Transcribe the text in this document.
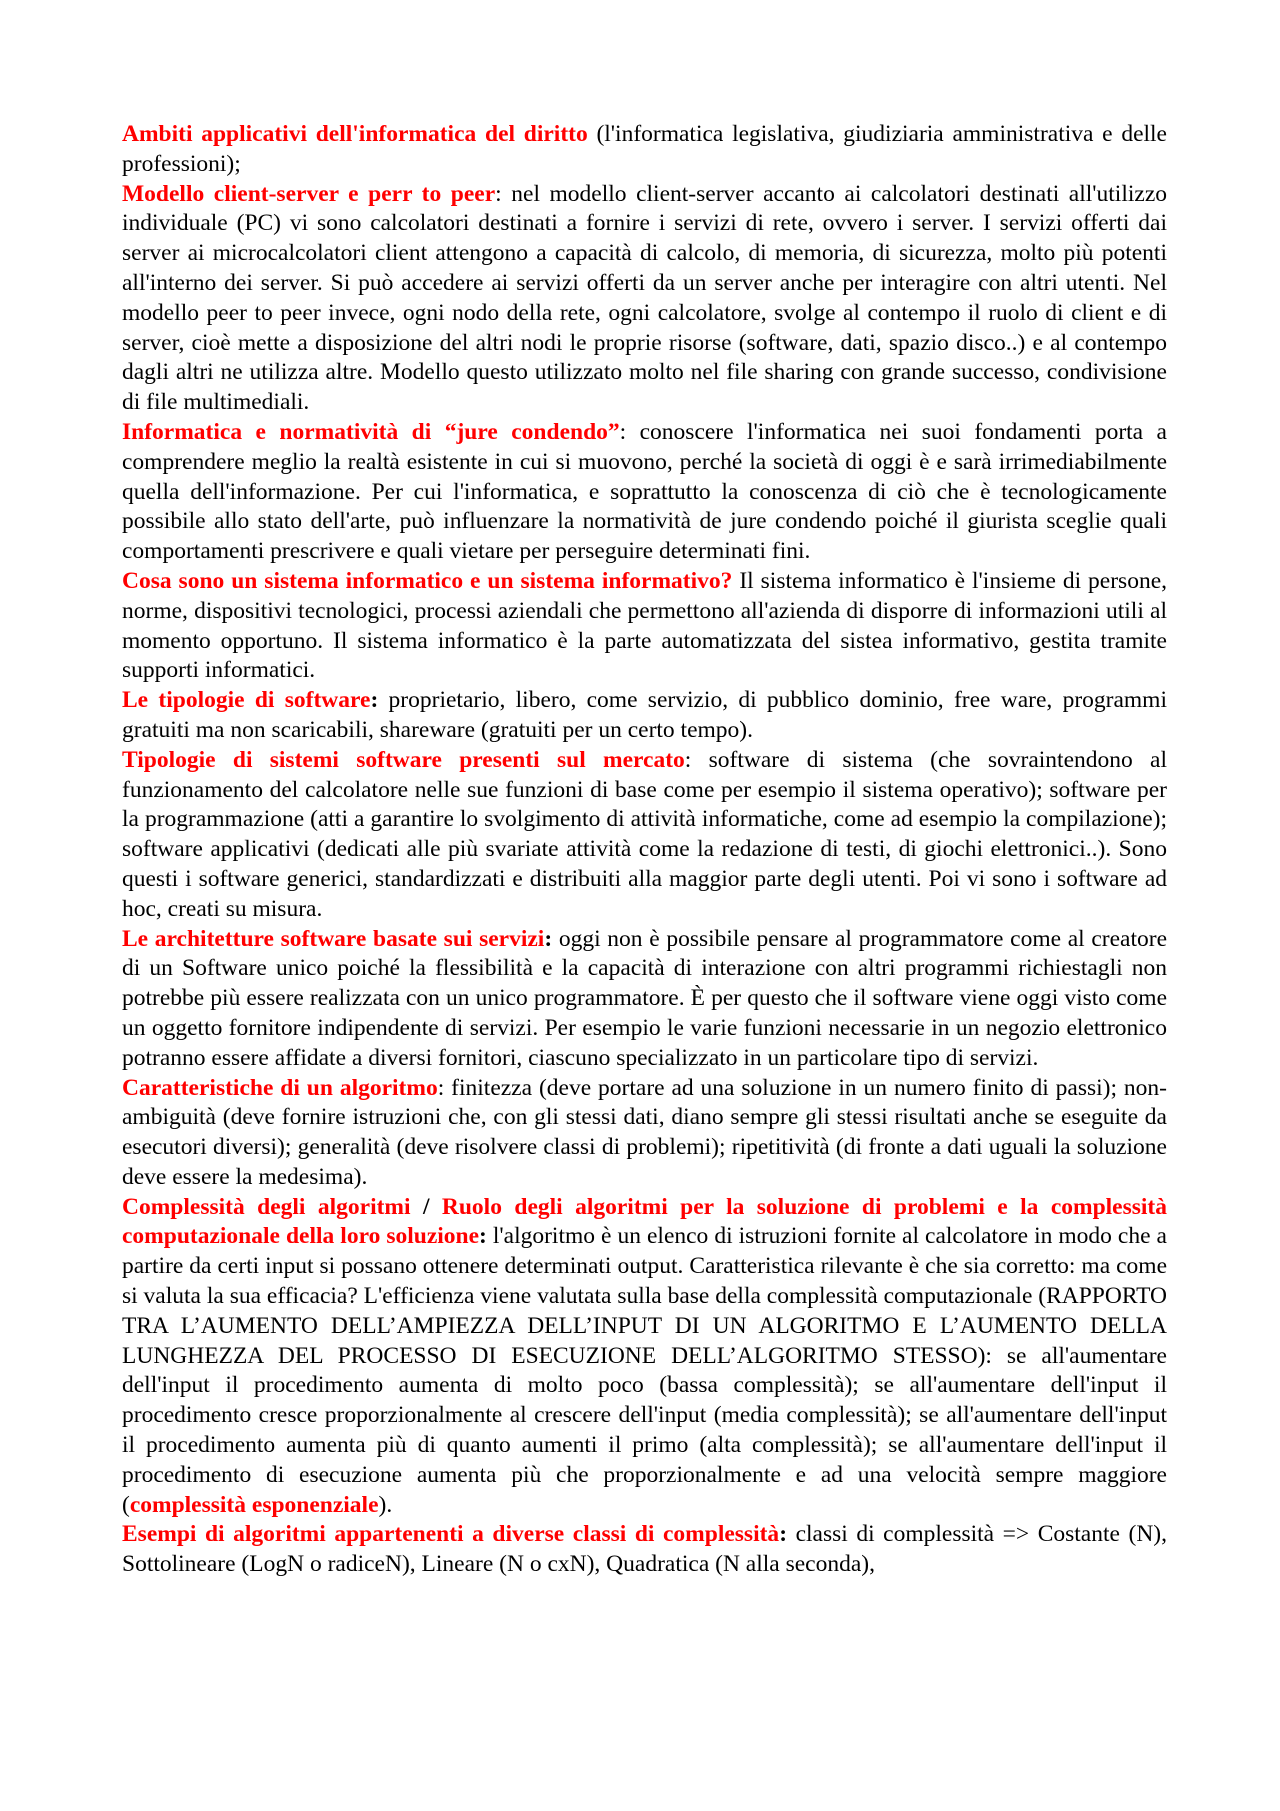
Ambiti applicativi dell'informatica del diritto (l'informatica legislativa, giudiziaria amministrativa e delle professioni);

Modello client-server e perr to peer: nel modello client-server accanto ai calcolatori destinati all'utilizzo individuale (PC) vi sono calcolatori destinati a fornire i servizi di rete, ovvero i server. I servizi offerti dai server ai microcalcolatori client attengono a capacità di calcolo, di memoria, di sicurezza, molto più potenti all'interno dei server. Si può accedere ai servizi offerti da un server anche per interagire con altri utenti. Nel modello peer to peer invece, ogni nodo della rete, ogni calcolatore, svolge al contempo il ruolo di client e di server, cioè mette a disposizione del altri nodi le proprie risorse (software, dati, spazio disco..) e al contempo dagli altri ne utilizza altre. Modello questo utilizzato molto nel file sharing con grande successo, condivisione di file multimediali.

Informatica e normatività di “jure condendo”: conoscere l'informatica nei suoi fondamenti porta a comprendere meglio la realtà esistente in cui si muovono, perché la società di oggi è e sarà irrimediabilmente quella dell'informazione. Per cui l'informatica, e soprattutto la conoscenza di ciò che è tecnologicamente possibile allo stato dell'arte, può influenzare la normatività de jure condendo poiché il giurista sceglie quali comportamenti prescrivere e quali vietare per perseguire determinati fini.

Cosa sono un sistema informatico e un sistema informativo? Il sistema informatico è l'insieme di persone, norme, dispositivi tecnologici, processi aziendali che permettono all'azienda di disporre di informazioni utili al momento opportuno. Il sistema informatico è la parte automatizzata del sistea informativo, gestita tramite supporti informatici.

Le tipologie di software: proprietario, libero, come servizio, di pubblico dominio, free ware, programmi gratuiti ma non scaricabili, shareware (gratuiti per un certo tempo).

Tipologie di sistemi software presenti sul mercato: software di sistema (che sovraintendono al funzionamento del calcolatore nelle sue funzioni di base come per esempio il sistema operativo); software per la programmazione (atti a garantire lo svolgimento di attività informatiche, come ad esempio la compilazione); software applicativi (dedicati alle più svariate attività come la redazione di testi, di giochi elettronici..). Sono questi i software generici, standardizzati e distribuiti alla maggior parte degli utenti. Poi vi sono i software ad hoc, creati su misura.

Le architetture software basate sui servizi: oggi non è possibile pensare al programmatore come al creatore di un Software unico poiché la flessibilità e la capacità di interazione con altri programmi richiestagli non potrebbe più essere realizzata con un unico programmatore. È per questo che il software viene oggi visto come un oggetto fornitore indipendente di servizi. Per esempio le varie funzioni necessarie in un negozio elettronico potranno essere affidate a diversi fornitori, ciascuno specializzato in un particolare tipo di servizi.

Caratteristiche di un algoritmo: finitezza (deve portare ad una soluzione in un numero finito di passi); non-ambiguità (deve fornire istruzioni che, con gli stessi dati, diano sempre gli stessi risultati anche se eseguite da esecutori diversi); generalità (deve risolvere classi di problemi); ripetitività (di fronte a dati uguali la soluzione deve essere la medesima).

Complessità degli algoritmi / Ruolo degli algoritmi per la soluzione di problemi e la complessità computazionale della loro soluzione: l'algoritmo è un elenco di istruzioni fornite al calcolatore in modo che a partire da certi input si possano ottenere determinati output. Caratteristica rilevante è che sia corretto: ma come si valuta la sua efficacia? L'efficienza viene valutata sulla base della complessità computazionale (RAPPORTO TRA L’AUMENTO DELL’AMPIEZZA DELL’INPUT DI UN ALGORITMO E L’AUMENTO DELLA LUNGHEZZA DEL PROCESSO DI ESECUZIONE DELL’ALGORITMO STESSO): se all'aumentare dell'input il procedimento aumenta di molto poco (bassa complessità); se all'aumentare dell'input il procedimento cresce proporzionalmente al crescere dell'input (media complessità); se all'aumentare dell'input il procedimento aumenta più di quanto aumenti il primo (alta complessità); se all'aumentare dell'input il procedimento di esecuzione aumenta più che proporzionalmente e ad una velocità sempre maggiore (complessità esponenziale).

Esempi di algoritmi appartenenti a diverse classi di complessità: classi di complessità => Costante (N), Sottolineare (LogN o radiceN), Lineare (N o cxN), Quadratica (N alla seconda),
